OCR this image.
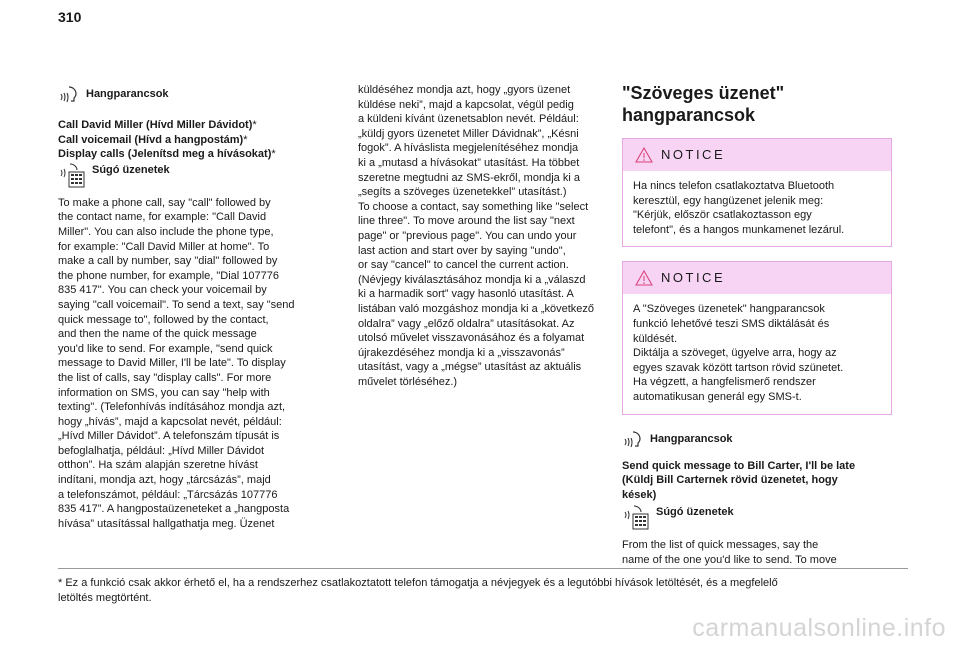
310
Hangparancsok
Call David Miller (Hívd Miller Dávidot)*
Call voicemail (Hívd a hangpostám)*
Display calls (Jelenítsd meg a hívásokat)*
Súgó üzenetek
To make a phone call, say "call" followed by
the contact name, for example: "Call David
Miller". You can also include the phone type,
for example: "Call David Miller at home". To
make a call by number, say "dial" followed by
the phone number, for example, "Dial 107776
835 417". You can check your voicemail by
saying "call voicemail". To send a text, say "send
quick message to", followed by the contact,
and then the name of the quick message
you'd like to send. For example, "send quick
message to David Miller, I'll be late". To display
the list of calls, say "display calls". For more
information on SMS, you can say "help with
texting". (Telefonhívás indításához mondja azt,
hogy „hívás”, majd a kapcsolat nevét, például:
„Hívd Miller Dávidot”. A telefonszám típusát is
befoglalhatja, például: „Hívd Miller Dávidot
otthon”. Ha szám alapján szeretne hívást
indítani, mondja azt, hogy „tárcsázás”, majd
a telefonszámot, például: „Tárcsázás 107776
835 417”. A hangpostaüzeneteket a „hangposta
hívása” utasítással hallgathatja meg. Üzenet
küldéséhez mondja azt, hogy „gyors üzenet
küldése neki”, majd a kapcsolat, végül pedig
a küldeni kívánt üzenetsablon nevét. Például:
„küldj gyors üzenetet Miller Dávidnak”, „Késni
fogok”. A híváslista megjelenítéséhez mondja
ki a „mutasd a hívásokat” utasítást. Ha többet
szeretne megtudni az SMS-ekről, mondja ki a
„segíts a szöveges üzenetekkel” utasítást.)
To choose a contact, say something like "select
line three". To move around the list say "next
page" or "previous page". You can undo your
last action and start over by saying "undo",
or say "cancel" to cancel the current action.
(Névjegy kiválasztásához mondja ki a „válaszd
ki a harmadik sort” vagy hasonló utasítást. A
listában való mozgáshoz mondja ki a „következő
oldalra” vagy „előző oldalra” utasításokat. Az
utolsó művelet visszavonásához és a folyamat
újrakezdéséhez mondja ki a „visszavonás”
utasítást, vagy a „mégse” utasítást az aktuális
művelet törléséhez.)
"Szöveges üzenet"
hangparancsok
NOTICE
Ha nincs telefon csatlakoztatva Bluetooth
keresztül, egy hangüzenet jelenik meg:
"Kérjük, először csatlakoztasson egy
telefont", és a hangos munkamenet lezárul.
NOTICE
A "Szöveges üzenetek" hangparancsok
funkció lehetővé teszi SMS diktálását és
küldését.
Diktálja a szöveget, ügyelve arra, hogy az
egyes szavak között tartson rövid szünetet.
Ha végzett, a hangfelismerő rendszer
automatikusan generál egy SMS-t.
Hangparancsok
Send quick message to Bill Carter, I'll be late
(Küldj Bill Carternek rövid üzenetet, hogy
kések)
Súgó üzenetek
From the list of quick messages, say the
name of the one you'd like to send. To move
* Ez a funkció csak akkor érhető el, ha a rendszerhez csatlakoztatott telefon támogatja a névjegyek és a legutóbbi hívások letöltését, és a megfelelő
letöltés megtörtént.
carmanualsonline.info
